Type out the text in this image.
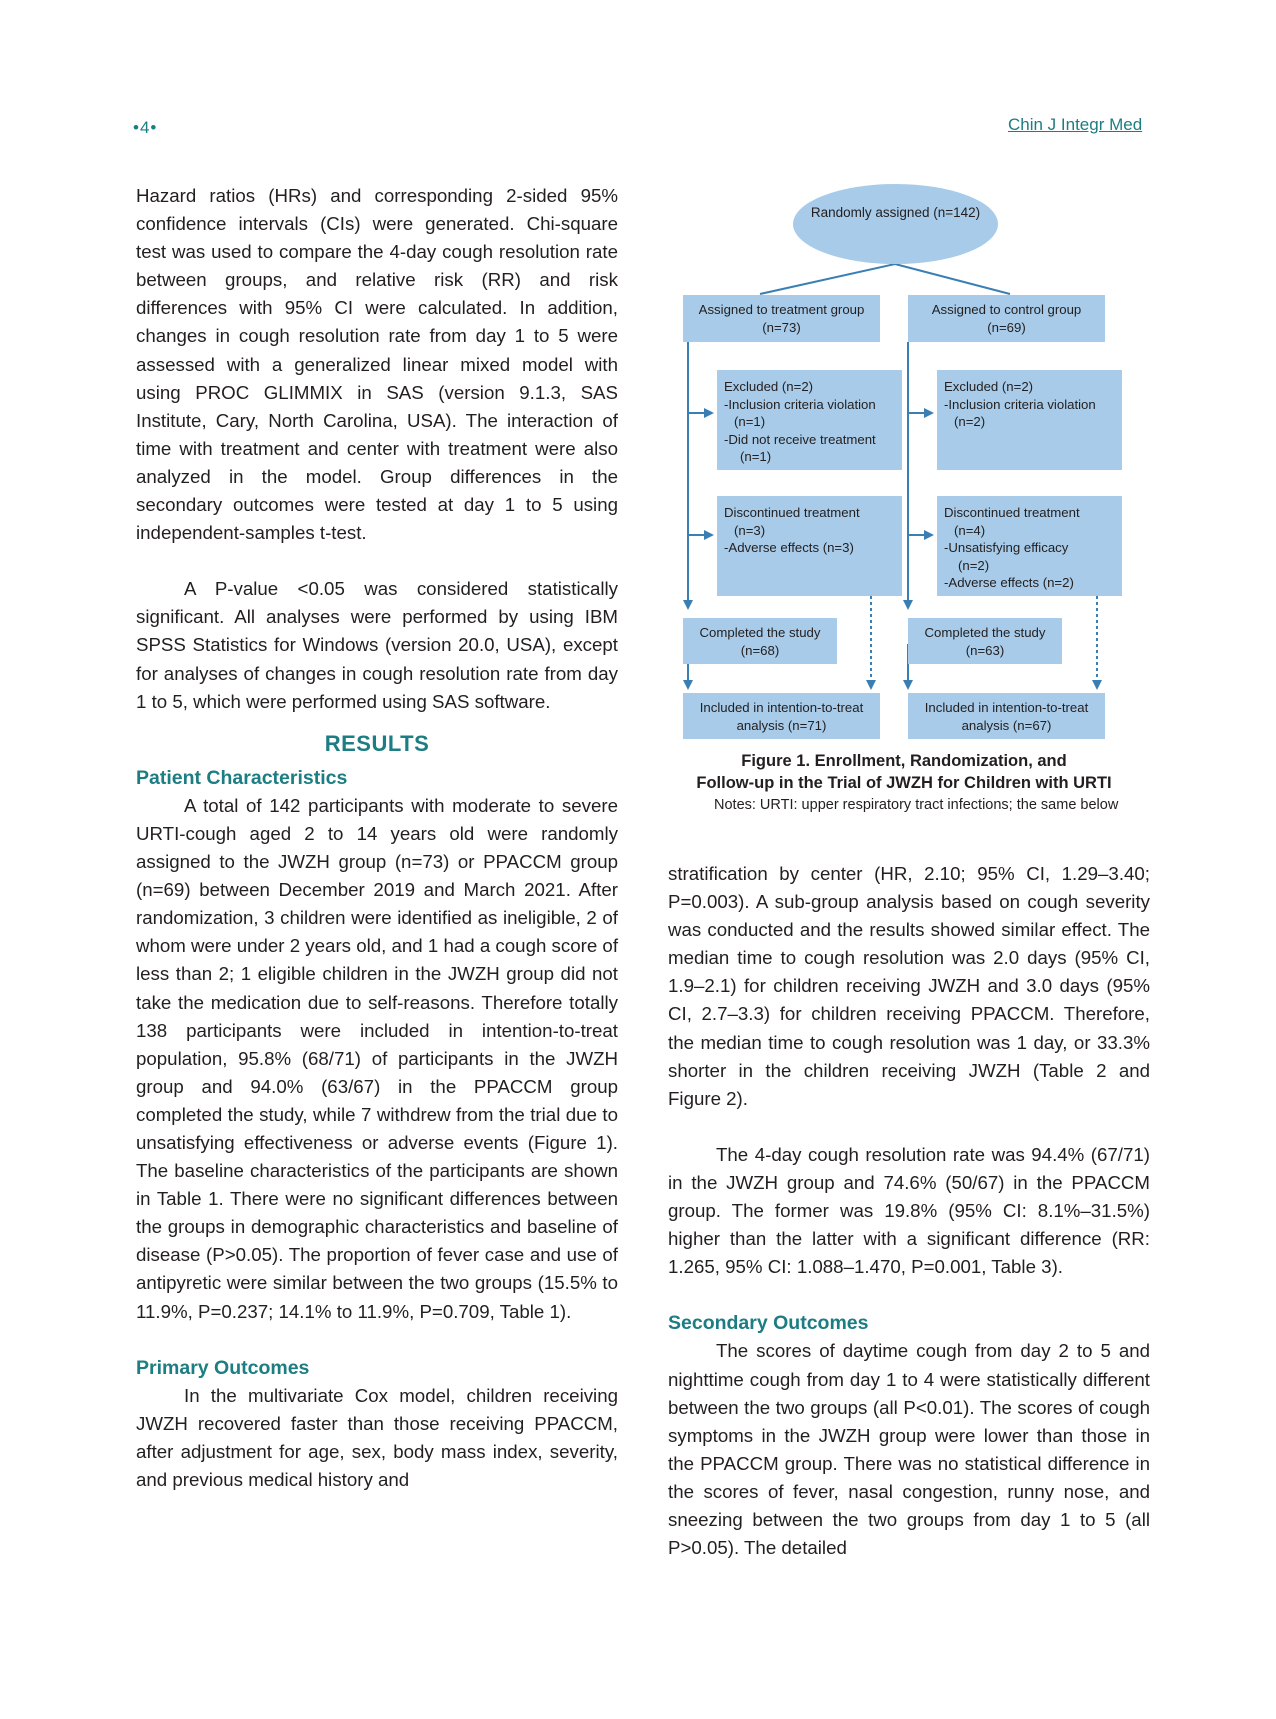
•4•	Chin J Integr Med

Hazard ratios (HRs) and corresponding 2-sided 95% confidence intervals (CIs) were generated. Chi-square test was used to compare the 4-day cough resolution rate between groups, and relative risk (RR) and risk differences with 95% CI were calculated. In addition, changes in cough resolution rate from day 1 to 5 were assessed with a generalized linear mixed model with using PROC GLIMMIX in SAS (version 9.1.3, SAS Institute, Cary, North Carolina, USA). The interaction of time with treatment and center with treatment were also analyzed in the model. Group differences in the secondary outcomes were tested at day 1 to 5 using independent-samples t-test.

A P-value <0.05 was considered statistically significant. All analyses were performed by using IBM SPSS Statistics for Windows (version 20.0, USA), except for analyses of changes in cough resolution rate from day 1 to 5, which were performed using SAS software.

RESULTS
Patient Characteristics

A total of 142 participants with moderate to severe URTI-cough aged 2 to 14 years old were randomly assigned to the JWZH group (n=73) or PPACCM group (n=69) between December 2019 and March 2021. After randomization, 3 children were identified as ineligible, 2 of whom were under 2 years old, and 1 had a cough score of less than 2; 1 eligible children in the JWZH group did not take the medication due to self-reasons. Therefore totally 138 participants were included in intention-to-treat population, 95.8% (68/71) of participants in the JWZH group and 94.0% (63/67) in the PPACCM group completed the study, while 7 withdrew from the trial due to unsatisfying effectiveness or adverse events (Figure 1). The baseline characteristics of the participants are shown in Table 1. There were no significant differences between the groups in demographic characteristics and baseline of disease (P>0.05). The proportion of fever case and use of antipyretic were similar between the two groups (15.5% to 11.9%, P=0.237; 14.1% to 11.9%, P=0.709, Table 1).

Primary Outcomes

In the multivariate Cox model, children receiving JWZH recovered faster than those receiving PPACCM, after adjustment for age, sex, body mass index, severity, and previous medical history and

Randomly assigned (n=142)
Assigned to treatment group
(n=73)
Assigned to control group
(n=69)
Excluded (n=2)
-Inclusion criteria violation
(n=1)
-Did not receive treatment
(n=1)
Excluded (n=2)
-Inclusion criteria violation
(n=2)
Discontinued treatment
(n=3)
-Adverse effects (n=3)
Discontinued treatment
(n=4)
-Unsatisfying efficacy
(n=2)
-Adverse effects (n=2)
Completed the study
(n=68)
Completed the study
(n=63)
Included in intention-to-treat
analysis (n=71)
Included in intention-to-treat
analysis (n=67)
Figure 1. Enrollment, Randomization, and
Follow-up in the Trial of JWZH for Children with URTI
Notes: URTI: upper respiratory tract infections; the same below

stratification by center (HR, 2.10; 95% CI, 1.29–3.40; P=0.003). A sub-group analysis based on cough severity was conducted and the results showed similar effect. The median time to cough resolution was 2.0 days (95% CI, 1.9–2.1) for children receiving JWZH and 3.0 days (95% CI, 2.7–3.3) for children receiving PPACCM. Therefore, the median time to cough resolution was 1 day, or 33.3% shorter in the children receiving JWZH (Table 2 and Figure 2).

The 4-day cough resolution rate was 94.4% (67/71) in the JWZH group and 74.6% (50/67) in the PPACCM group. The former was 19.8% (95% CI: 8.1%–31.5%) higher than the latter with a significant difference (RR: 1.265, 95% CI: 1.088–1.470, P=0.001, Table 3).

Secondary Outcomes

The scores of daytime cough from day 2 to 5 and nighttime cough from day 1 to 4 were statistically different between the two groups (all P<0.01). The scores of cough symptoms in the JWZH group were lower than those in the PPACCM group. There was no statistical difference in the scores of fever, nasal congestion, runny nose, and sneezing between the two groups from day 1 to 5 (all P>0.05). The detailed
